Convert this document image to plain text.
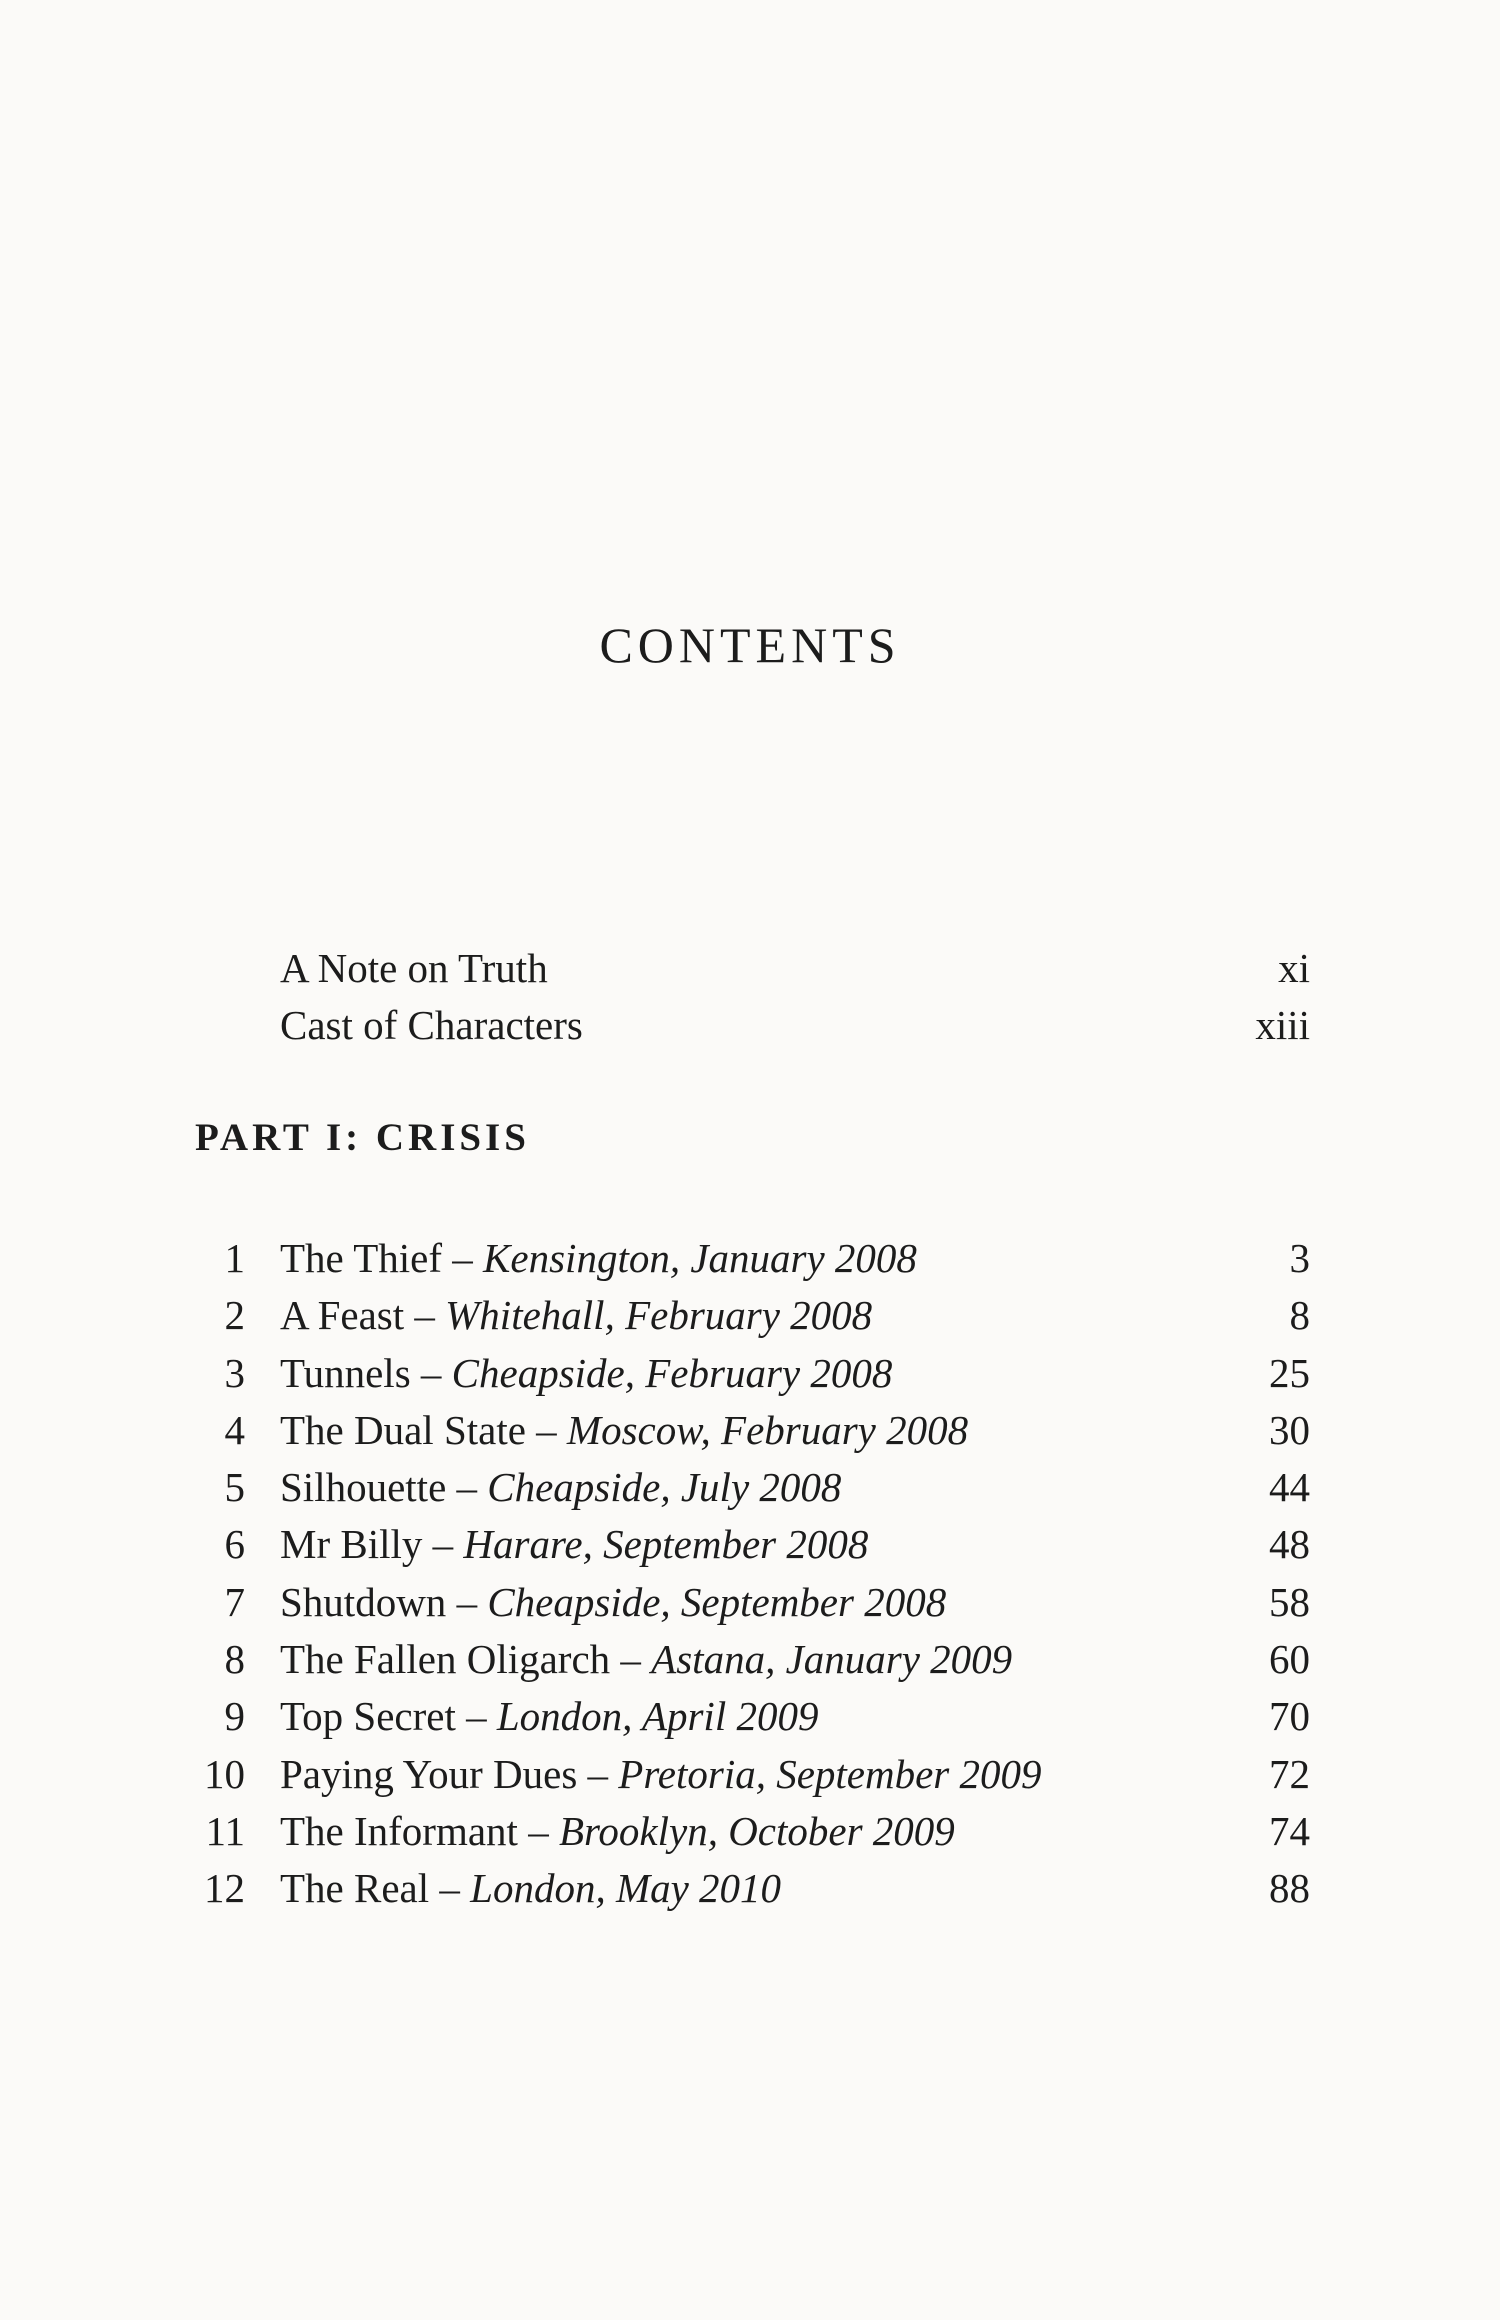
CONTENTS
A Note on Truth	xi
Cast of Characters	xiii
PART I: CRISIS
1 The Thief – Kensington, January 2008	3
2 A Feast – Whitehall, February 2008	8
3 Tunnels – Cheapside, February 2008	25
4 The Dual State – Moscow, February 2008	30
5 Silhouette – Cheapside, July 2008	44
6 Mr Billy – Harare, September 2008	48
7 Shutdown – Cheapside, September 2008	58
8 The Fallen Oligarch – Astana, January 2009	60
9 Top Secret – London, April 2009	70
10 Paying Your Dues – Pretoria, September 2009	72
11 The Informant – Brooklyn, October 2009	74
12 The Real – London, May 2010	88
